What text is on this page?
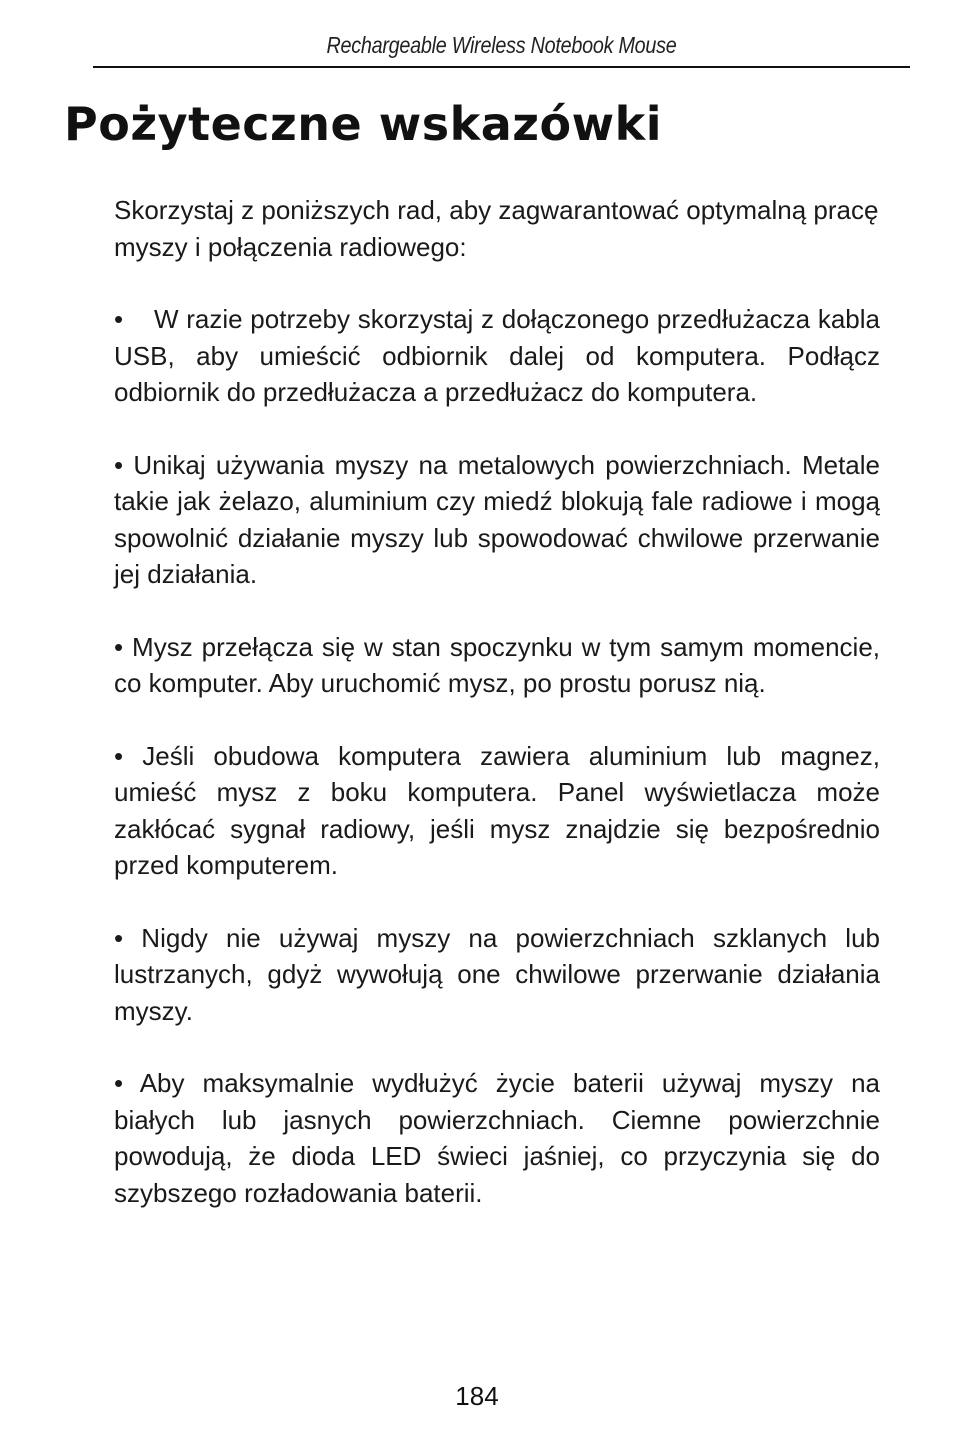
Rechargeable Wireless Notebook Mouse
Pożyteczne wskazówki

Skorzystaj z poniższych rad, aby zagwarantować optymalną pracę myszy i połączenia radiowego:

•    W razie potrzeby skorzystaj z dołączonego przedłużacza kabla USB, aby umieścić odbiornik dalej od komputera. Podłącz odbiornik do przedłużacza a przedłużacz do komputera.

• Unikaj używania myszy na metalowych powierzchniach. Metale takie jak żelazo, aluminium czy miedź blokują fale radiowe i mogą spowolnić działanie myszy lub spowodować chwilowe przerwanie jej działania.

• Mysz przełącza się w stan spoczynku w tym samym momencie, co komputer. Aby uruchomić mysz, po prostu porusz nią.

• Jeśli obudowa komputera zawiera aluminium lub magnez, umieść mysz z boku komputera. Panel wyświetlacza może zakłócać sygnał radiowy, jeśli mysz znajdzie się bezpośrednio przed komputerem.

• Nigdy nie używaj myszy na powierzchniach szklanych lub lustrzanych, gdyż wywołują one chwilowe przerwanie działania myszy.

• Aby maksymalnie wydłużyć życie baterii używaj myszy na białych lub jasnych powierzchniach. Ciemne powierzchnie powodują, że dioda LED świeci jaśniej, co przyczynia się do szybszego rozładowania baterii.

184
